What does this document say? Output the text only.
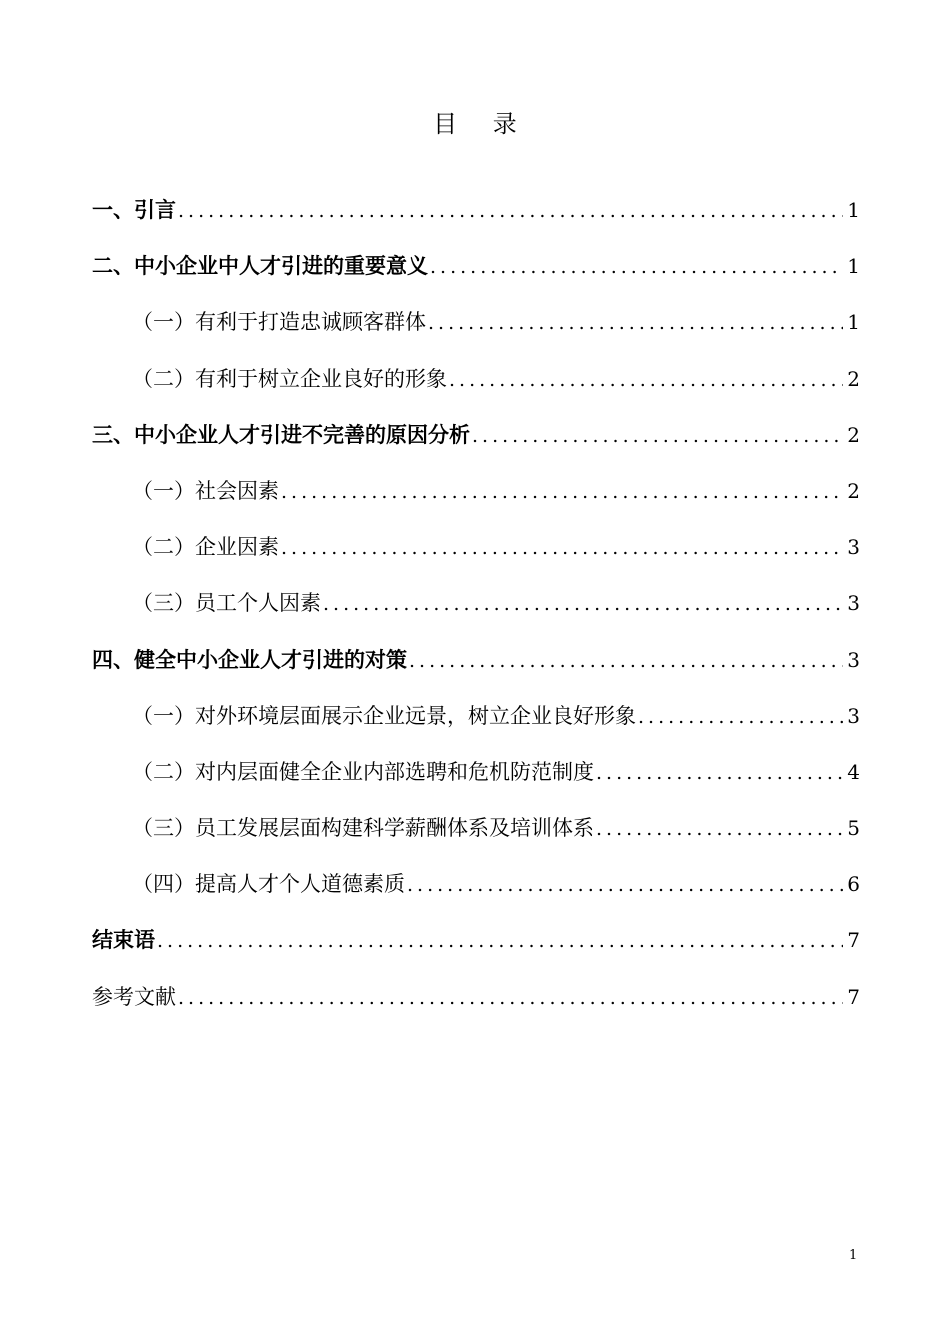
目 录
一、引言 .....	1
二、中小企业中人才引进的重要意义 .....	1
（一）有利于打造忠诚顾客群体 .....	1
（二）有利于树立企业良好的形象 .....	2
三、中小企业人才引进不完善的原因分析 .....	2
（一）社会因素 .....	2
（二）企业因素 .....	3
（三）员工个人因素 .....	3
四、健全中小企业人才引进的对策 .....	3
（一）对外环境层面展示企业远景，树立企业良好形象 .....	3
（二）对内层面健全企业内部选聘和危机防范制度 .....	4
（三）员工发展层面构建科学薪酬体系及培训体系 .....	5
（四）提高人才个人道德素质 .....	6
结束语 .....	7
参考文献 .....	7
1
